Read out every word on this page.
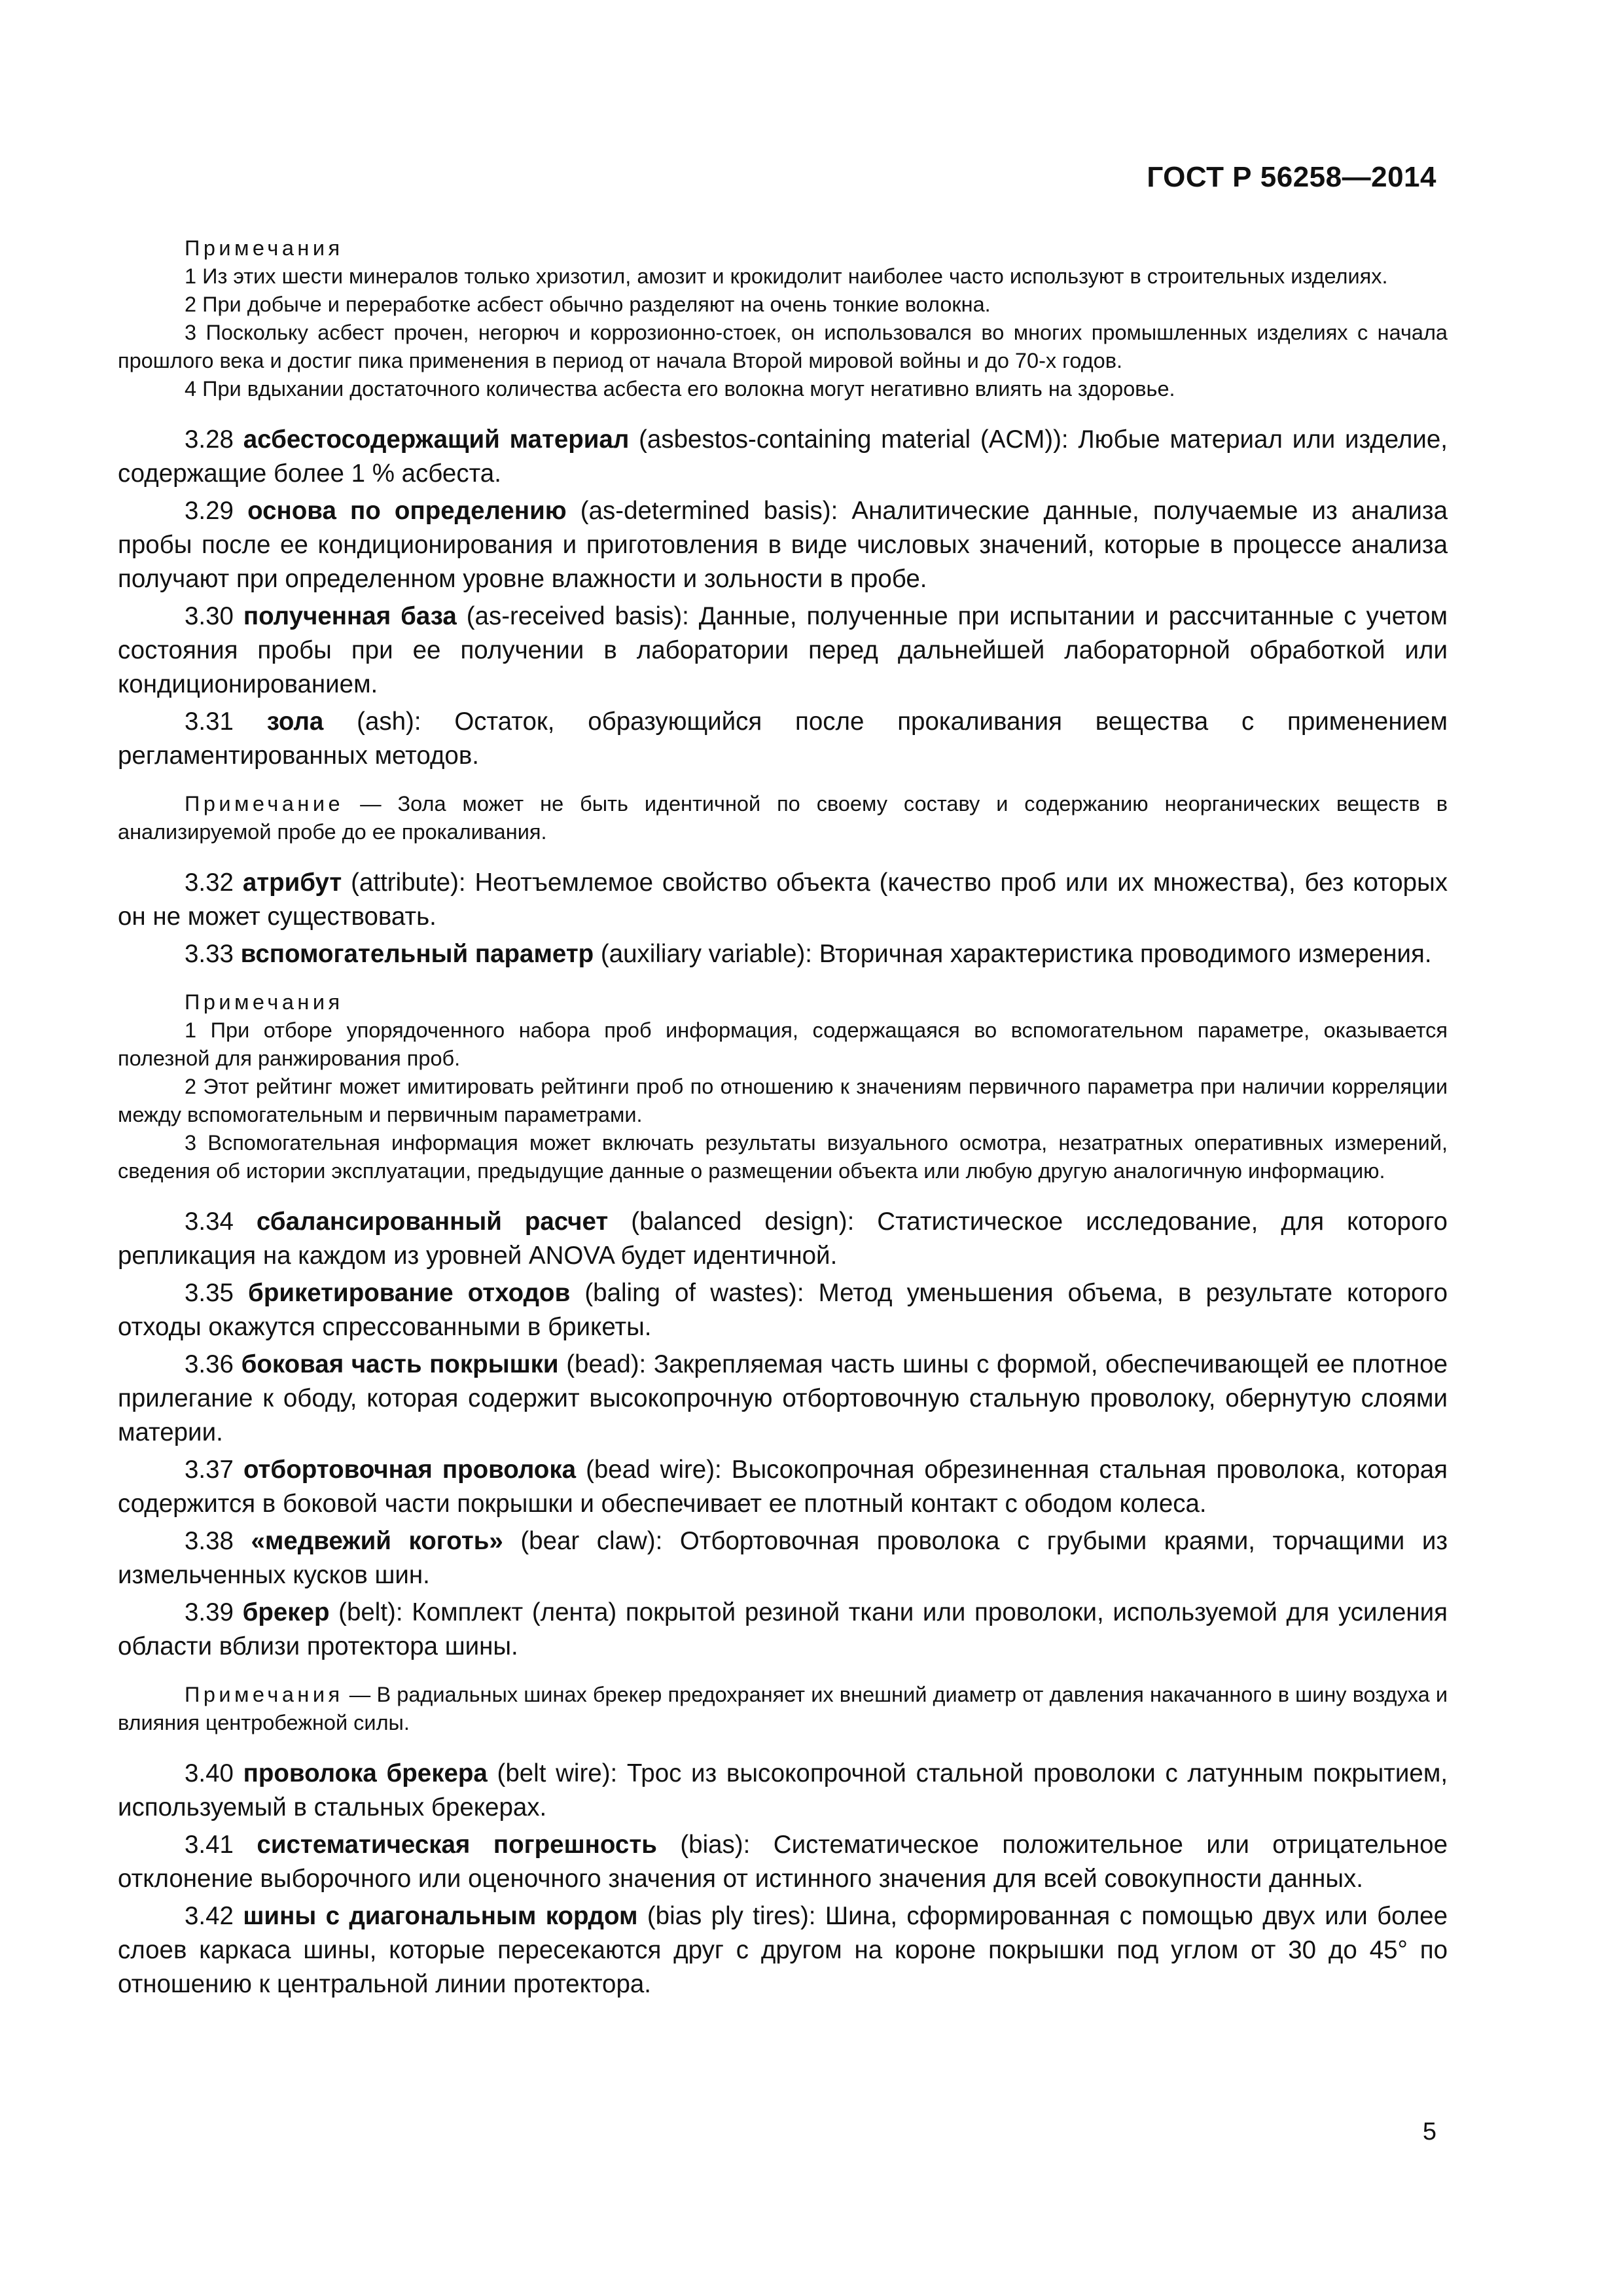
ГОСТ Р 56258—2014
Примечания
1 Из этих шести минералов только хризотил, амозит и крокидолит наиболее часто используют в строительных изделиях.
2 При добыче и переработке асбест обычно разделяют на очень тонкие волокна.
3 Поскольку асбест прочен, негорюч и коррозионно-стоек, он использовался во многих промышленных изделиях с начала прошлого века и достиг пика применения в период от начала Второй мировой войны и до 70-х годов.
4 При вдыхании достаточного количества асбеста его волокна могут негативно влиять на здоровье.
3.28 асбестосодержащий материал (asbestos-containing material (ACM)): Любые материал или изделие, содержащие более 1 % асбеста.
3.29 основа по определению (as-determined basis): Аналитические данные, получаемые из анализа пробы после ее кондиционирования и приготовления в виде числовых значений, которые в процессе анализа получают при определенном уровне влажности и зольности в пробе.
3.30 полученная база (as-received basis): Данные, полученные при испытании и рассчитанные с учетом состояния пробы при ее получении в лаборатории перед дальнейшей лабораторной обработкой или кондиционированием.
3.31 зола (ash): Остаток, образующийся после прокаливания вещества с применением регламентированных методов.
Примечание — Зола может не быть идентичной по своему составу и содержанию неорганических веществ в анализируемой пробе до ее прокаливания.
3.32 атрибут (attribute): Неотъемлемое свойство объекта (качество проб или их множества), без которых он не может существовать.
3.33 вспомогательный параметр (auxiliary variable): Вторичная характеристика проводимого измерения.
Примечания
1 При отборе упорядоченного набора проб информация, содержащаяся во вспомогательном параметре, оказывается полезной для ранжирования проб.
2 Этот рейтинг может имитировать рейтинги проб по отношению к значениям первичного параметра при наличии корреляции между вспомогательным и первичным параметрами.
3 Вспомогательная информация может включать результаты визуального осмотра, незатратных оперативных измерений, сведения об истории эксплуатации, предыдущие данные о размещении объекта или любую другую аналогичную информацию.
3.34 сбалансированный расчет (balanced design): Статистическое исследование, для которого репликация на каждом из уровней ANOVA будет идентичной.
3.35 брикетирование отходов (baling of wastes): Метод уменьшения объема, в результате которого отходы окажутся спрессованными в брикеты.
3.36 боковая часть покрышки (bead): Закрепляемая часть шины с формой, обеспечивающей ее плотное прилегание к ободу, которая содержит высокопрочную отбортовочную стальную проволоку, обернутую слоями материи.
3.37 отбортовочная проволока (bead wire): Высокопрочная обрезиненная стальная проволока, которая содержится в боковой части покрышки и обеспечивает ее плотный контакт с ободом колеса.
3.38 «медвежий коготь» (bear claw): Отбортовочная проволока с грубыми краями, торчащими из измельченных кусков шин.
3.39 брекер (belt): Комплект (лента) покрытой резиной ткани или проволоки, используемой для усиления области вблизи протектора шины.
Примечания — В радиальных шинах брекер предохраняет их внешний диаметр от давления накачанного в шину воздуха и влияния центробежной силы.
3.40 проволока брекера (belt wire): Трос из высокопрочной стальной проволоки с латунным покрытием, используемый в стальных брекерах.
3.41 систематическая погрешность (bias): Систематическое положительное или отрицательное отклонение выборочного или оценочного значения от истинного значения для всей совокупности данных.
3.42 шины с диагональным кордом (bias ply tires): Шина, сформированная с помощью двух или более слоев каркаса шины, которые пересекаются друг с другом на короне покрышки под углом от 30 до 45° по отношению к центральной линии протектора.
5
